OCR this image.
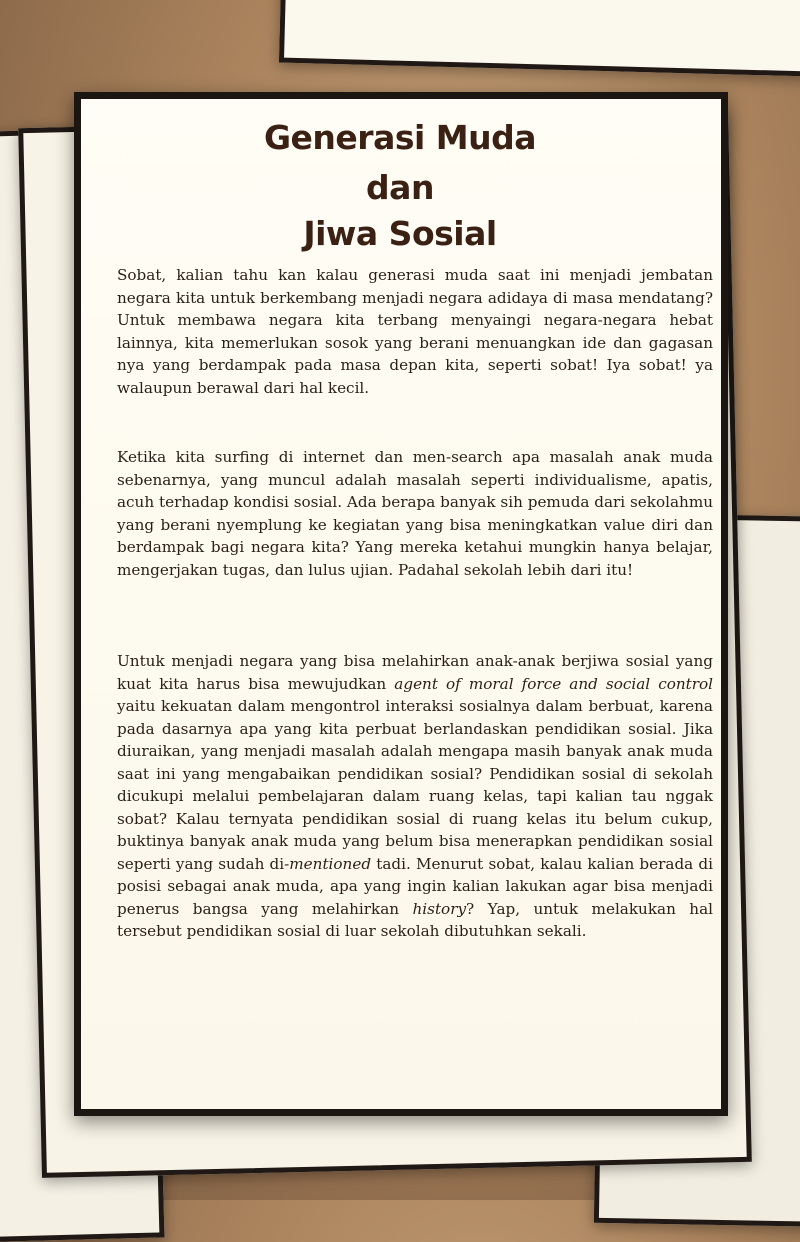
Generasi Muda
dan
Jiwa Sosial

Sobat, kalian tahu kan kalau generasi muda saat ini menjadi jembatan negara kita untuk berkembang menjadi negara adidaya di masa mendatang? Untuk membawa negara kita terbang menyaingi negara-negara hebat lainnya, kita memerlukan sosok yang berani menuangkan ide dan gagasan nya yang berdampak pada masa depan kita, seperti sobat! Iya sobat! ya walaupun berawal dari hal kecil.

Ketika kita surfing di internet dan men-search apa masalah anak muda sebenarnya, yang muncul adalah masalah seperti individualisme, apatis, acuh terhadap kondisi sosial. Ada berapa banyak sih pemuda dari sekolahmu yang berani nyemplung ke kegiatan yang bisa meningkatkan value diri dan berdampak bagi negara kita? Yang mereka ketahui mungkin hanya belajar, mengerjakan tugas, dan lulus ujian. Padahal sekolah lebih dari itu!

Untuk menjadi negara yang bisa melahirkan anak-anak berjiwa sosial yang kuat kita harus bisa mewujudkan agent of moral force and social control yaitu kekuatan dalam mengontrol interaksi sosialnya dalam berbuat, karena pada dasarnya apa yang kita perbuat berlandaskan pendidikan sosial. Jika diuraikan, yang menjadi masalah adalah mengapa masih banyak anak muda saat ini yang mengabaikan pendidikan sosial? Pendidikan sosial di sekolah dicukupi melalui pembelajaran dalam ruang kelas, tapi kalian tau nggak sobat? Kalau ternyata pendidikan sosial di ruang kelas itu belum cukup, buktinya banyak anak muda yang belum bisa menerapkan pendidikan sosial seperti yang sudah di-mentioned tadi. Menurut sobat, kalau kalian berada di posisi sebagai anak muda, apa yang ingin kalian lakukan agar bisa menjadi penerus bangsa yang melahirkan history? Yap, untuk melakukan hal tersebut pendidikan sosial di luar sekolah dibutuhkan sekali.
